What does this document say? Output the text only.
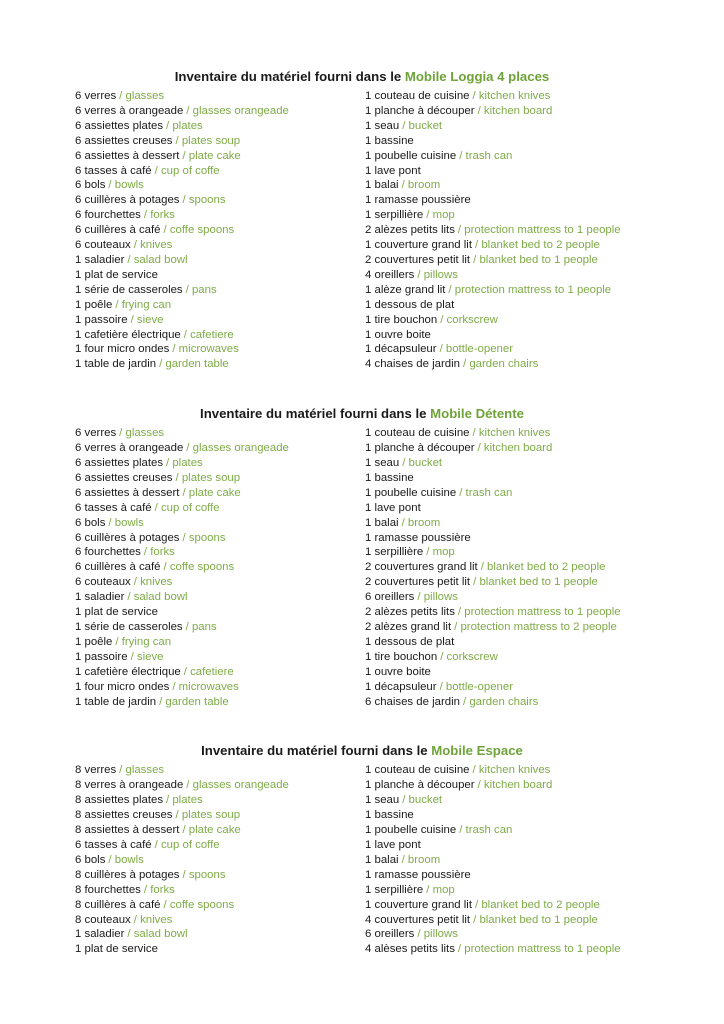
Inventaire du matériel fourni dans le Mobile Loggia 4 places
6 verres / glasses
6 verres à orangeade / glasses orangeade
6 assiettes plates / plates
6 assiettes creuses / plates soup
6 assiettes à dessert / plate cake
6 tasses à café / cup of coffe
6 bols / bowls
6 cuillères à potages / spoons
6 fourchettes / forks
6 cuillères à café / coffe spoons
6 couteaux / knives
1 saladier / salad bowl
1 plat de service
1 série de casseroles / pans
1 poêle / frying can
1 passoire / sieve
1 cafetière électrique / cafetiere
1 four micro ondes / microwaves
1 table de jardin / garden table
1 couteau de cuisine / kitchen knives
1 planche à découper / kitchen board
1 seau / bucket
1 bassine
1 poubelle cuisine / trash can
1 lave pont
1 balai / broom
1 ramasse poussière
1 serpillière / mop
2 alèzes petits lits / protection mattress to 1 people
1 couverture grand lit / blanket bed to 2 people
2 couvertures petit lit / blanket bed to 1 people
4 oreillers / pillows
1 alèze grand lit / protection mattress to 1 people
1 dessous de plat
1 tire bouchon / corkscrew
1 ouvre boite
1 décapsuleur / bottle-opener
4 chaises de jardin / garden chairs
Inventaire du matériel fourni dans le Mobile Détente
6 verres / glasses
6 verres à orangeade / glasses orangeade
6 assiettes plates / plates
6 assiettes creuses / plates soup
6 assiettes à dessert / plate cake
6 tasses à café / cup of coffe
6 bols / bowls
6 cuillères à potages / spoons
6 fourchettes / forks
6 cuillères à café / coffe spoons
6 couteaux / knives
1 saladier / salad bowl
1 plat de service
1 série de casseroles / pans
1 poêle / frying can
1 passoire / sieve
1 cafetière électrique / cafetiere
1 four micro ondes / microwaves
1 table de jardin / garden table
1 couteau de cuisine / kitchen knives
1 planche à découper / kitchen board
1 seau / bucket
1 bassine
1 poubelle cuisine / trash can
1 lave pont
1 balai / broom
1 ramasse poussière
1 serpillière / mop
2 couvertures grand lit / blanket bed to 2 people
2 couvertures petit lit / blanket bed to 1 people
6 oreillers / pillows
2 alèzes petits lits / protection mattress to 1 people
2 alèzes grand lit / protection mattress to 2 people
1 dessous de plat
1 tire bouchon / corkscrew
1 ouvre boite
1 décapsuleur / bottle-opener
6 chaises de jardin / garden chairs
Inventaire du matériel fourni dans le Mobile Espace
8 verres / glasses
8 verres à orangeade / glasses orangeade
8 assiettes plates / plates
8 assiettes creuses / plates soup
8 assiettes à dessert / plate cake
6 tasses à café / cup of coffe
6 bols / bowls
8 cuillères à potages / spoons
8 fourchettes / forks
8 cuillères à café / coffe spoons
8 couteaux / knives
1 saladier / salad bowl
1 plat de service
1 couteau de cuisine / kitchen knives
1 planche à découper / kitchen board
1 seau / bucket
1 bassine
1 poubelle cuisine / trash can
1 lave pont
1 balai / broom
1 ramasse poussière
1 serpillière / mop
1 couverture grand lit / blanket bed to 2 people
4 couvertures petit lit / blanket bed to 1 people
6 oreillers / pillows
4 alèses petits lits / protection mattress to 1 people
